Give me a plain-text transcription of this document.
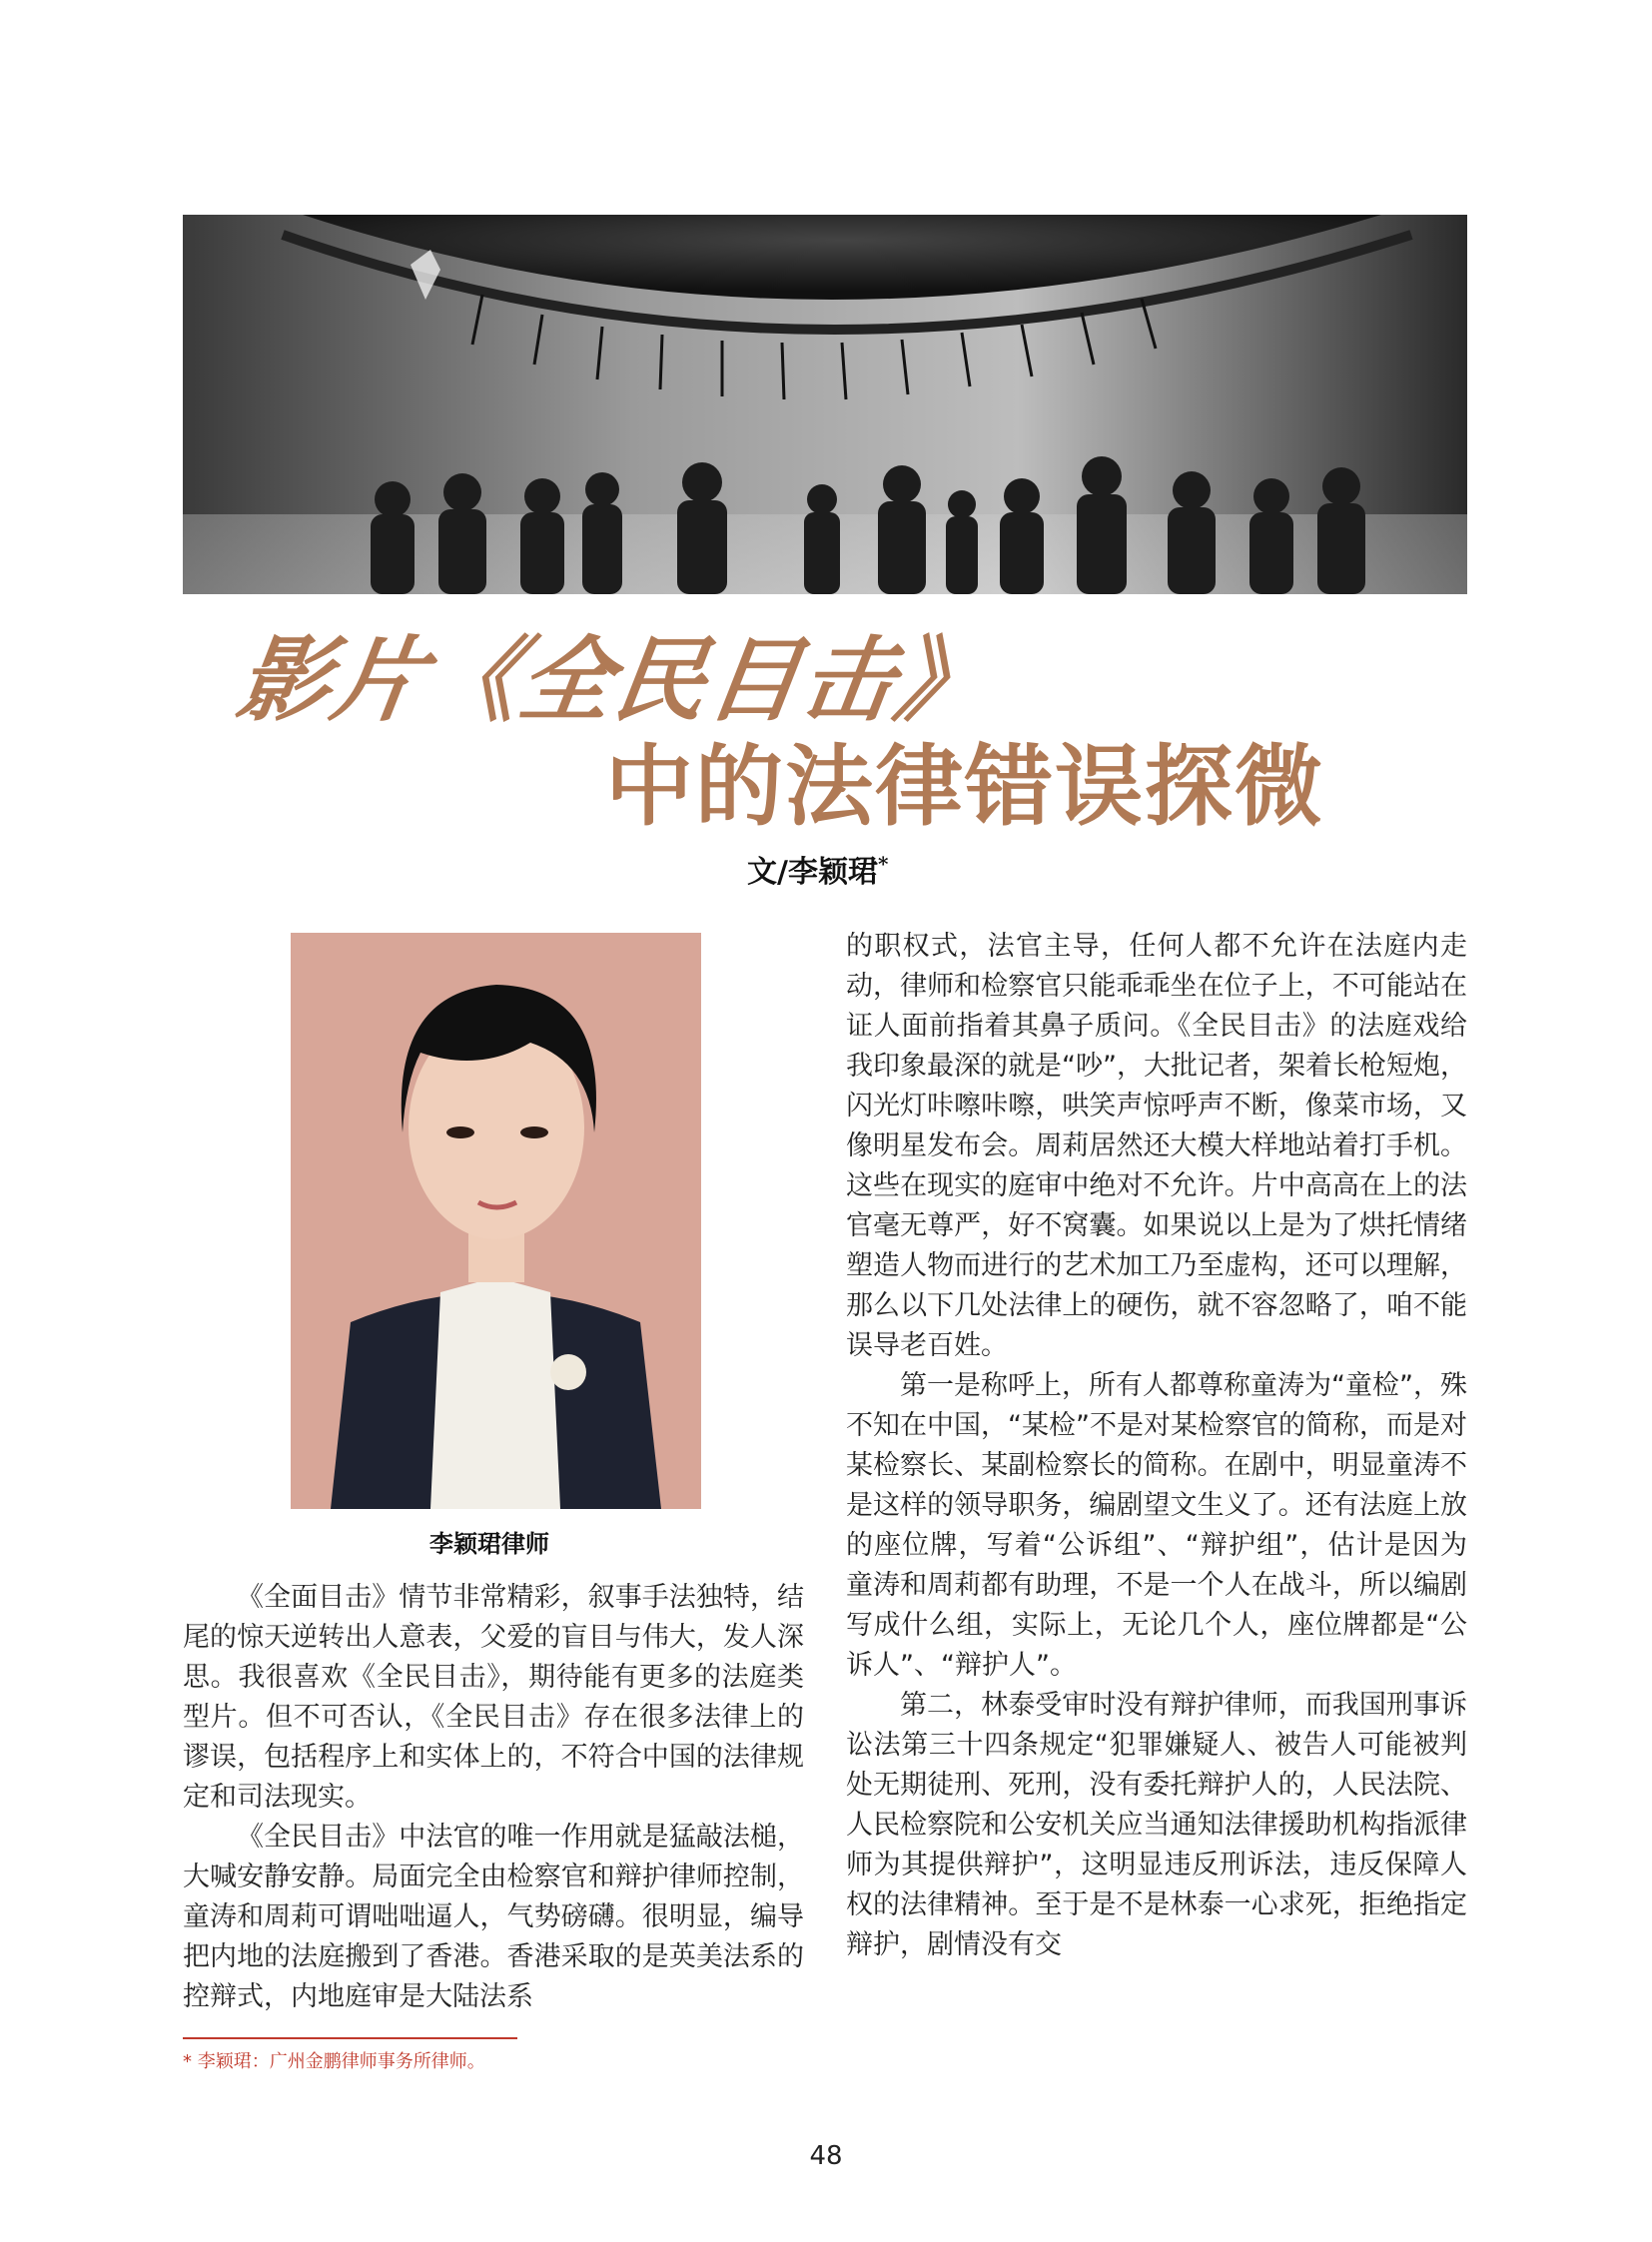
影片《全民目击》
中的法律错误探微
文/李颖珺*
李颖珺律师

《全面目击》情节非常精彩，叙事手法独特，结尾的惊天逆转出人意表，父爱的盲目与伟大，发人深思。我很喜欢《全民目击》，期待能有更多的法庭类型片。但不可否认，《全民目击》存在很多法律上的谬误，包括程序上和实体上的，不符合中国的法律规定和司法现实。

《全民目击》中法官的唯一作用就是猛敲法槌，大喊安静安静。局面完全由检察官和辩护律师控制，童涛和周莉可谓咄咄逼人，气势磅礴。很明显，编导把内地的法庭搬到了香港。香港采取的是英美法系的控辩式，内地庭审是大陆法系

的职权式，法官主导，任何人都不允许在法庭内走动，律师和检察官只能乖乖坐在位子上，不可能站在证人面前指着其鼻子质问。《全民目击》的法庭戏给我印象最深的就是“吵”，大批记者，架着长枪短炮，闪光灯咔嚓咔嚓，哄笑声惊呼声不断，像菜市场，又像明星发布会。周莉居然还大模大样地站着打手机。这些在现实的庭审中绝对不允许。片中高高在上的法官毫无尊严，好不窝囊。如果说以上是为了烘托情绪塑造人物而进行的艺术加工乃至虚构，还可以理解，那么以下几处法律上的硬伤，就不容忽略了，咱不能误导老百姓。

第一是称呼上，所有人都尊称童涛为“童检”，殊不知在中国，“某检”不是对某检察官的简称，而是对某检察长、某副检察长的简称。在剧中，明显童涛不是这样的领导职务，编剧望文生义了。还有法庭上放的座位牌，写着“公诉组”、“辩护组”，估计是因为童涛和周莉都有助理，不是一个人在战斗，所以编剧写成什么组，实际上，无论几个人，座位牌都是“公诉人”、“辩护人”。

第二，林泰受审时没有辩护律师，而我国刑事诉讼法第三十四条规定“犯罪嫌疑人、被告人可能被判处无期徒刑、死刑，没有委托辩护人的，人民法院、人民检察院和公安机关应当通知法律援助机构指派律师为其提供辩护”，这明显违反刑诉法，违反保障人权的法律精神。至于是不是林泰一心求死，拒绝指定辩护，剧情没有交

* 李颖珺：广州金鹏律师事务所律师。
48
